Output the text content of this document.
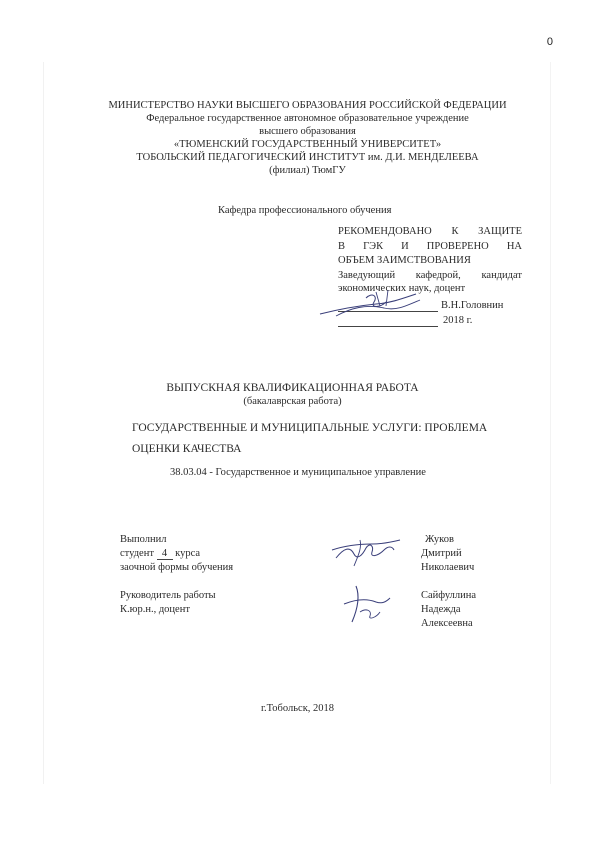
0
МИНИСТЕРСТВО НАУКИ ВЫСШЕГО ОБРАЗОВАНИЯ РОССИЙСКОЙ ФЕДЕРАЦИИ
Федеральное государственное автономное образовательное учреждение
высшего образования
«ТЮМЕНСКИЙ ГОСУДАРСТВЕННЫЙ УНИВЕРСИТЕТ»
ТОБОЛЬСКИЙ ПЕДАГОГИЧЕСКИЙ ИНСТИТУТ им. Д.И. МЕНДЕЛЕЕВА
(филиал) ТюмГУ
Кафедра профессионального обучения
РЕКОМЕНДОВАНО К ЗАЩИТЕ
В ГЭК И ПРОВЕРЕНО НА
ОБЪЕМ ЗАИМСТВОВАНИЯ
Заведующий кафедрой, кандидат
экономических наук, доцент
В.Н.Головнин
2018 г.
ВЫПУСКНАЯ КВАЛИФИКАЦИОННАЯ РАБОТА
(бакалаврская работа)
ГОСУДАРСТВЕННЫЕ И МУНИЦИПАЛЬНЫЕ УСЛУГИ: ПРОБЛЕМА
ОЦЕНКИ КАЧЕСТВА
38.03.04 - Государственное и муниципальное управление
Выполнил
студент 4 курса
заочной формы обучения
Жуков
Дмитрий
Николаевич
Руководитель работы
К.юр.н., доцент
Сайфуллина
Надежда
Алексеевна
г.Тобольск, 2018
